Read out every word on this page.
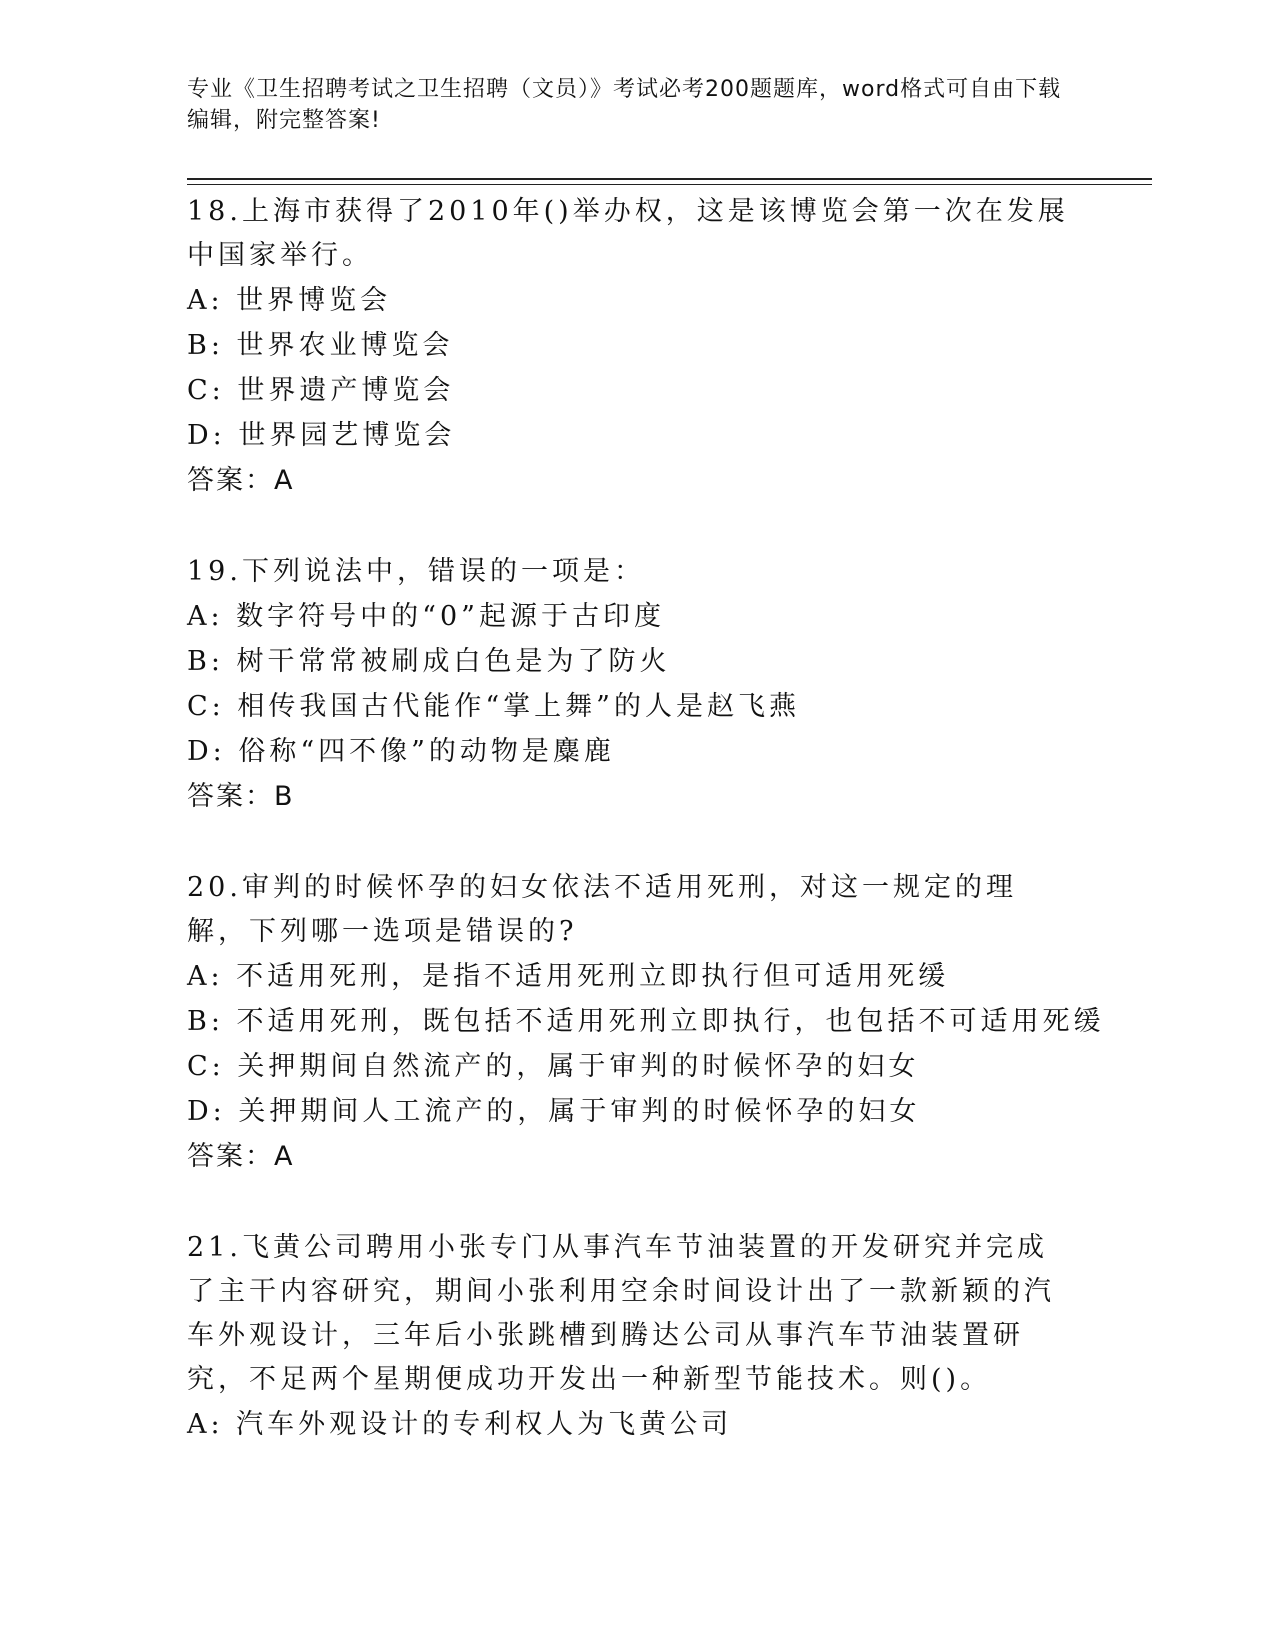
专业《卫生招聘考试之卫生招聘（文员）》考试必考200题题库，word格式可自由下载编辑，附完整答案!

18.上海市获得了2010年()举办权，这是该博览会第一次在发展中国家举行。

A: 世界博览会

B: 世界农业博览会

C: 世界遗产博览会

D: 世界园艺博览会

答案：A

19.下列说法中，错误的一项是：

A: 数字符号中的“0”起源于古印度

B: 树干常常被刷成白色是为了防火

C: 相传我国古代能作“掌上舞”的人是赵飞燕

D: 俗称“四不像”的动物是麋鹿

答案：B

20.审判的时候怀孕的妇女依法不适用死刑，对这一规定的理解，下列哪一选项是错误的?

A: 不适用死刑，是指不适用死刑立即执行但可适用死缓

B: 不适用死刑，既包括不适用死刑立即执行，也包括不可适用死缓

C: 关押期间自然流产的，属于审判的时候怀孕的妇女

D: 关押期间人工流产的，属于审判的时候怀孕的妇女

答案：A

21.飞黄公司聘用小张专门从事汽车节油装置的开发研究并完成了主干内容研究，期间小张利用空余时间设计出了一款新颖的汽车外观设计，三年后小张跳槽到腾达公司从事汽车节油装置研究，不足两个星期便成功开发出一种新型节能技术。则()。

A: 汽车外观设计的专利权人为飞黄公司
